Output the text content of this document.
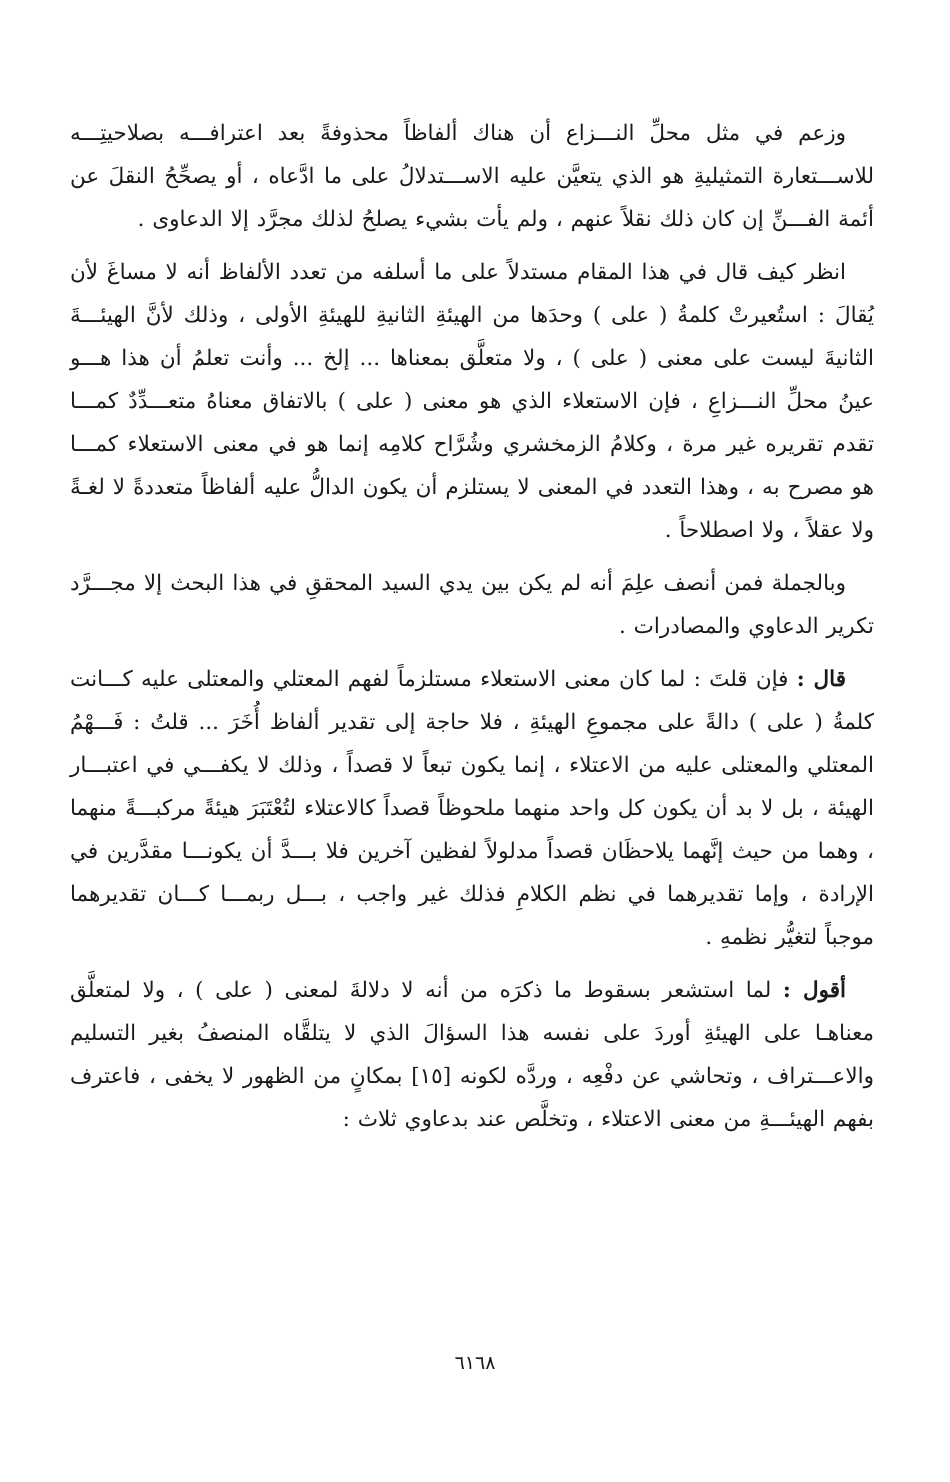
وزعم في مثل محلِّ النـــزاع أن هناك ألفاظاً محذوفةً بعد اعترافـــه بصلاحيتِـــه للاســـتعارة التمثيليةِ هو الذي يتعيَّن عليه الاســـتدلالُ على ما ادَّعاه ، أو يصحِّحُ النقلَ عن أئمة الفـــنِّ إن كان ذلك نقلاً عنهم ، ولم يأت بشيء يصلحُ لذلك مجرَّد إلا الدعاوى .

انظر كيف قال في هذا المقام مستدلاً على ما أسلفه من تعدد الألفاظ أنه لا مساغَ لأن يُقالَ : استُعيرتْ كلمةُ ( على ) وحدَها من الهيئةِ الثانيةِ للهيئةِ الأولى ، وذلك لأنَّ الهيئـــةَ الثانيةَ ليست على معنى ( على ) ، ولا متعلَّق بمعناها ... إلخ ... وأنت تعلمُ أن هذا هـــو عينُ محلِّ النـــزاعِ ، فإن الاستعلاء الذي هو معنى ( على ) بالاتفاق معناهُ متعـــدِّدٌ كمـــا تقدم تقريره غير مرة ، وكلامُ الزمخشري وشُرَّاح كلامِه إنما هو في معنى الاستعلاء كمـــا هو مصرح به ، وهذا التعدد في المعنى لا يستلزم أن يكون الدالُّ عليه ألفاظاً متعددةً لا لغـةً ولا عقلاً ، ولا اصطلاحاً .

وبالجملة فمن أنصف علِمَ أنه لم يكن بين يدي السيد المحققِ في هذا البحث إلا مجـــرَّد تكرير الدعاوي والمصادرات .

قال : فإن قلتَ : لما كان معنى الاستعلاء مستلزماً لفهم المعتلي والمعتلى عليه كـــانت كلمةُ ( على ) دالةً على مجموعِ الهيئةِ ، فلا حاجة إلى تقدير ألفاظ أُخَرَ ... قلتُ : فَـــهْمُ المعتلي والمعتلى عليه من الاعتلاء ، إنما يكون تبعاً لا قصداً ، وذلك لا يكفـــي في اعتبـــار الهيئة ، بل لا بد أن يكون كل واحد منهما ملحوظاً قصداً كالاعتلاء لتُعْتَبَرَ هيئةً مركبـــةً منهما ، وهما من حيث إنَّهما يلاحظَان قصداً مدلولاً لفظين آخرين فلا بـــدَّ أن يكونـــا مقدَّرين في الإرادة ، وإما تقديرهما في نظم الكلامِ فذلك غير واجب ، بـــل ربمـــا كـــان تقديرهما موجباً لتغيُّر نظمهِ .

أقول : لما استشعر بسقوط ما ذكرَه من أنه لا دلالةَ لمعنى ( على ) ، ولا لمتعلَّق معناهـا على الهيئةِ أوردَ على نفسه هذا السؤالَ الذي لا يتلقَّاه المنصفُ بغير التسليم والاعـــتراف ، وتحاشي عن دفْعِه ، وردَّه لكونه [١٥] بمكانٍ من الظهور لا يخفى ، فاعترف بفهم الهيئـــةِ من معنى الاعتلاء ، وتخلَّص عند بدعاوي ثلاث :

٦١٦٨
